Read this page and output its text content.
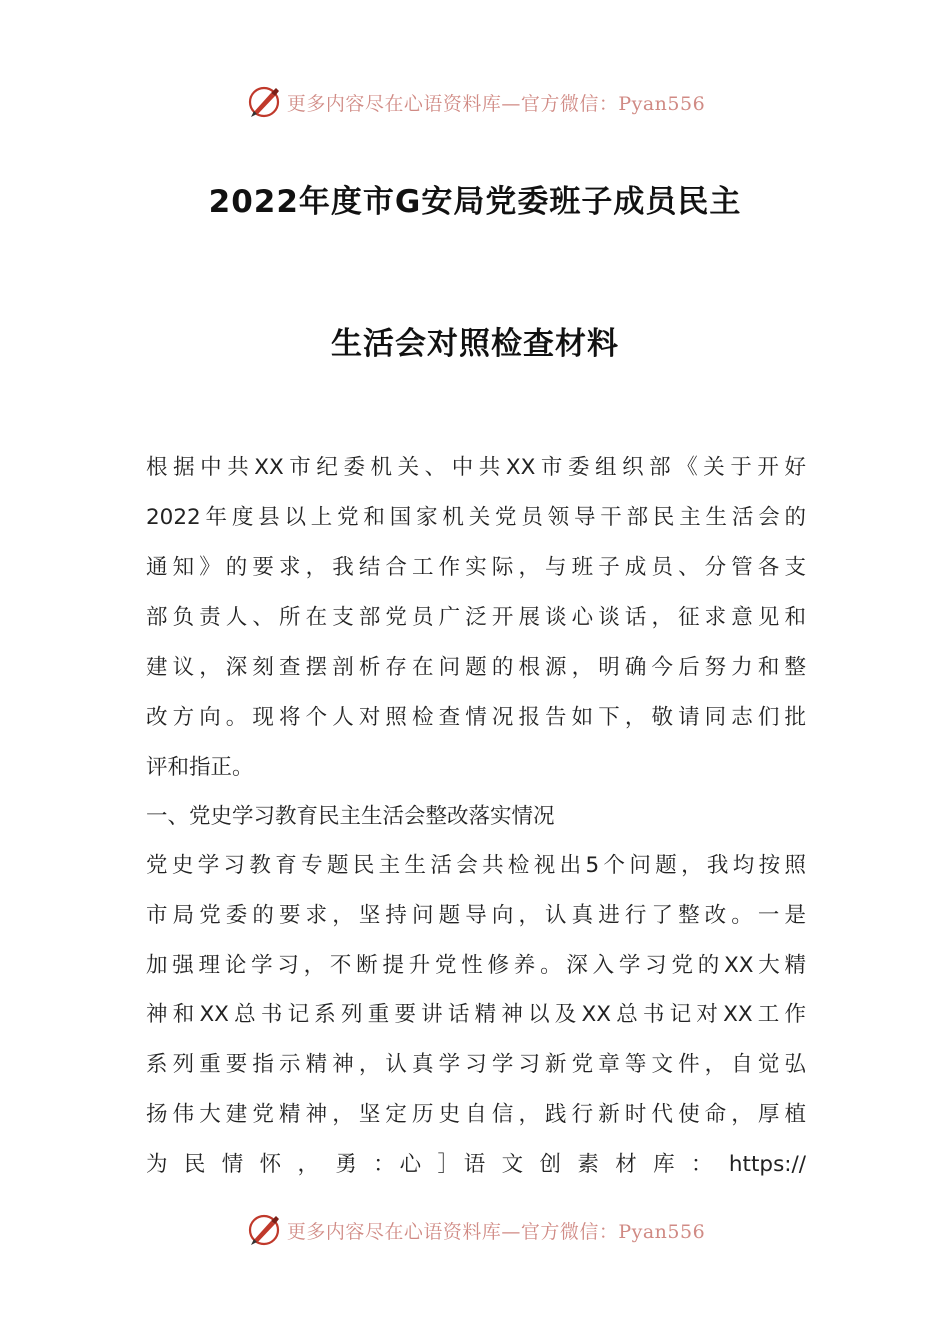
更多内容尽在心语资料库—官方微信：Pyan556
2022年度市G安局党委班子成员民主
生活会对照检查材料
根据中共XX市纪委机关、中共XX市委组织部《关于开好
2022年度县以上党和国家机关党员领导干部民主生活会的
通知》的要求，我结合工作实际，与班子成员、分管各支
部负责人、所在支部党员广泛开展谈心谈话，征求意见和
建议，深刻查摆剖析存在问题的根源，明确今后努力和整
改方向。现将个人对照检查情况报告如下，敬请同志们批
评和指正。
一、党史学习教育民主生活会整改落实情况
党史学习教育专题民主生活会共检视出5个问题，我均按照
市局党委的要求，坚持问题导向，认真进行了整改。一是
加强理论学习，不断提升党性修养。深入学习党的XX大精
神和XX总书记系列重要讲话精神以及XX总书记对XX工作
系列重要指示精神，认真学习学习新党章等文件，自觉弘
扬伟大建党精神，坚定历史自信，践行新时代使命，厚植
为 民 情 怀 ， 勇 ：心 ］语 文 创 素 材 库 ： https://
更多内容尽在心语资料库—官方微信：Pyan556
